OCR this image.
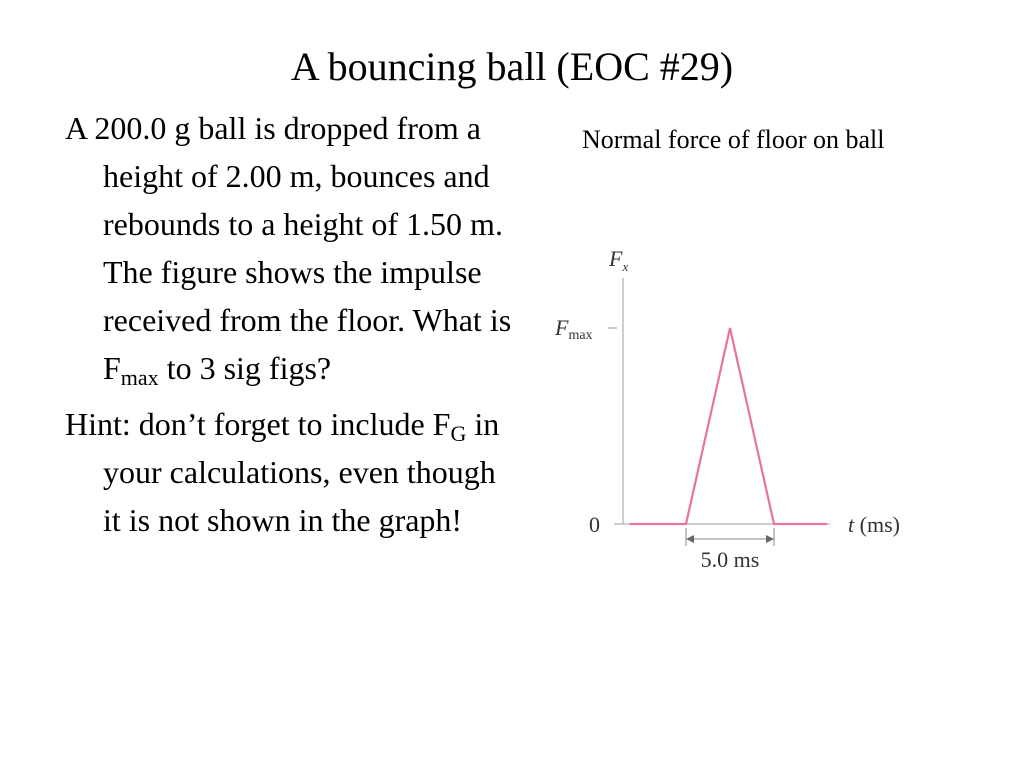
A bouncing ball (EOC #29)

A 200.0 g ball is dropped from a height of 2.00 m, bounces and rebounds to a height of 1.50 m. The figure shows the impulse received from the floor. What is $F_{max}$ to 3 sig figs?

Hint: don’t forget to include $F_G$ in your calculations, even though it is not shown in the graph!

Normal force of floor on ball
$F_x$
Fmax
0	t (ms)
5.0 ms
